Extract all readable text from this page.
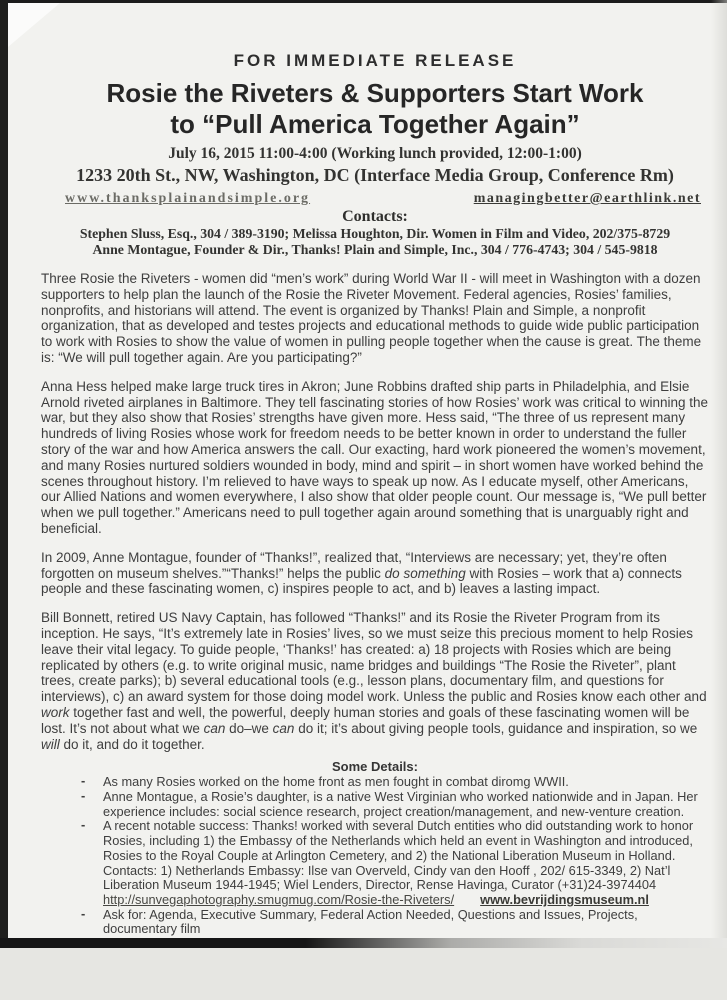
FOR IMMEDIATE RELEASE
Rosie the Riveters & Supporters Start Work
to “Pull America Together Again”
July 16, 2015 11:00-4:00 (Working lunch provided, 12:00-1:00)
1233 20th St., NW, Washington, DC (Interface Media Group, Conference Rm)
www.thanksplainandsimple.org	managingbetter@earthlink.net
Contacts:
Stephen Sluss, Esq., 304 / 389-3190; Melissa Houghton, Dir. Women in Film and Video, 202/375-8729
Anne Montague, Founder & Dir., Thanks! Plain and Simple, Inc., 304 / 776-4743; 304 / 545-9818

Three Rosie the Riveters - women did “men’s work” during World War II - will meet in Washington with a dozen supporters to help plan the launch of the Rosie the Riveter Movement. Federal agencies, Rosies’ families, nonprofits, and historians will attend. The event is organized by Thanks! Plain and Simple, a nonprofit organization, that as developed and testes projects and educational methods to guide wide public participation to work with Rosies to show the value of women in pulling people together when the cause is great. The theme is: “We will pull together again. Are you participating?”

Anna Hess helped make large truck tires in Akron; June Robbins drafted ship parts in Philadelphia, and Elsie Arnold riveted airplanes in Baltimore. They tell fascinating stories of how Rosies’ work was critical to winning the war, but they also show that Rosies’ strengths have given more. Hess said, “The three of us represent many hundreds of living Rosies whose work for freedom needs to be better known in order to understand the fuller story of the war and how America answers the call. Our exacting, hard work pioneered the women’s movement, and many Rosies nurtured soldiers wounded in body, mind and spirit – in short women have worked behind the scenes throughout history. I’m relieved to have ways to speak up now. As I educate myself, other Americans, our Allied Nations and women everywhere, I also show that older people count. Our message is, “We pull better when we pull together.” Americans need to pull together again around something that is unarguably right and beneficial.

In 2009, Anne Montague, founder of “Thanks!”, realized that, “Interviews are necessary; yet, they’re often forgotten on museum shelves.”“Thanks!” helps the public do something with Rosies – work that a) connects people and these fascinating women, c) inspires people to act, and b) leaves a lasting impact.

Bill Bonnett, retired US Navy Captain, has followed “Thanks!” and its Rosie the Riveter Program from its inception. He says, “It’s extremely late in Rosies’ lives, so we must seize this precious moment to help Rosies leave their vital legacy. To guide people, ‘Thanks!’ has created: a) 18 projects with Rosies which are being replicated by others (e.g. to write original music, name bridges and buildings “The Rosie the Riveter”, plant trees, create parks); b) several educational tools (e.g., lesson plans, documentary film, and questions for interviews), c) an award system for those doing model work. Unless the public and Rosies know each other and work together fast and well, the powerful, deeply human stories and goals of these fascinating women will be lost. It’s not about what we can do–we can do it; it’s about giving people tools, guidance and inspiration, so we will do it, and do it together.

Some Details:
- As many Rosies worked on the home front as men fought in combat diromg WWII.
- Anne Montague, a Rosie’s daughter, is a native West Virginian who worked nationwide and in Japan. Her experience includes: social science research, project creation/management, and new-venture creation.
- A recent notable success: Thanks! worked with several Dutch entities who did outstanding work to honor Rosies, including 1) the Embassy of the Netherlands which held an event in Washington and introduced, Rosies to the Royal Couple at Arlington Cemetery, and 2) the National Liberation Museum in Holland. Contacts: 1) Netherlands Embassy: Ilse van Overveld, Cindy van den Hooff , 202/ 615-3349, 2) Nat’l Liberation Museum 1944-1945; Wiel Lenders, Director, Rense Havinga, Curator (+31)24-3974404
http://sunvegaphotography.smugmug.com/Rosie-the-Riveters/ www.bevrijdingsmuseum.nl
- Ask for: Agenda, Executive Summary, Federal Action Needed, Questions and Issues, Projects, documentary film
